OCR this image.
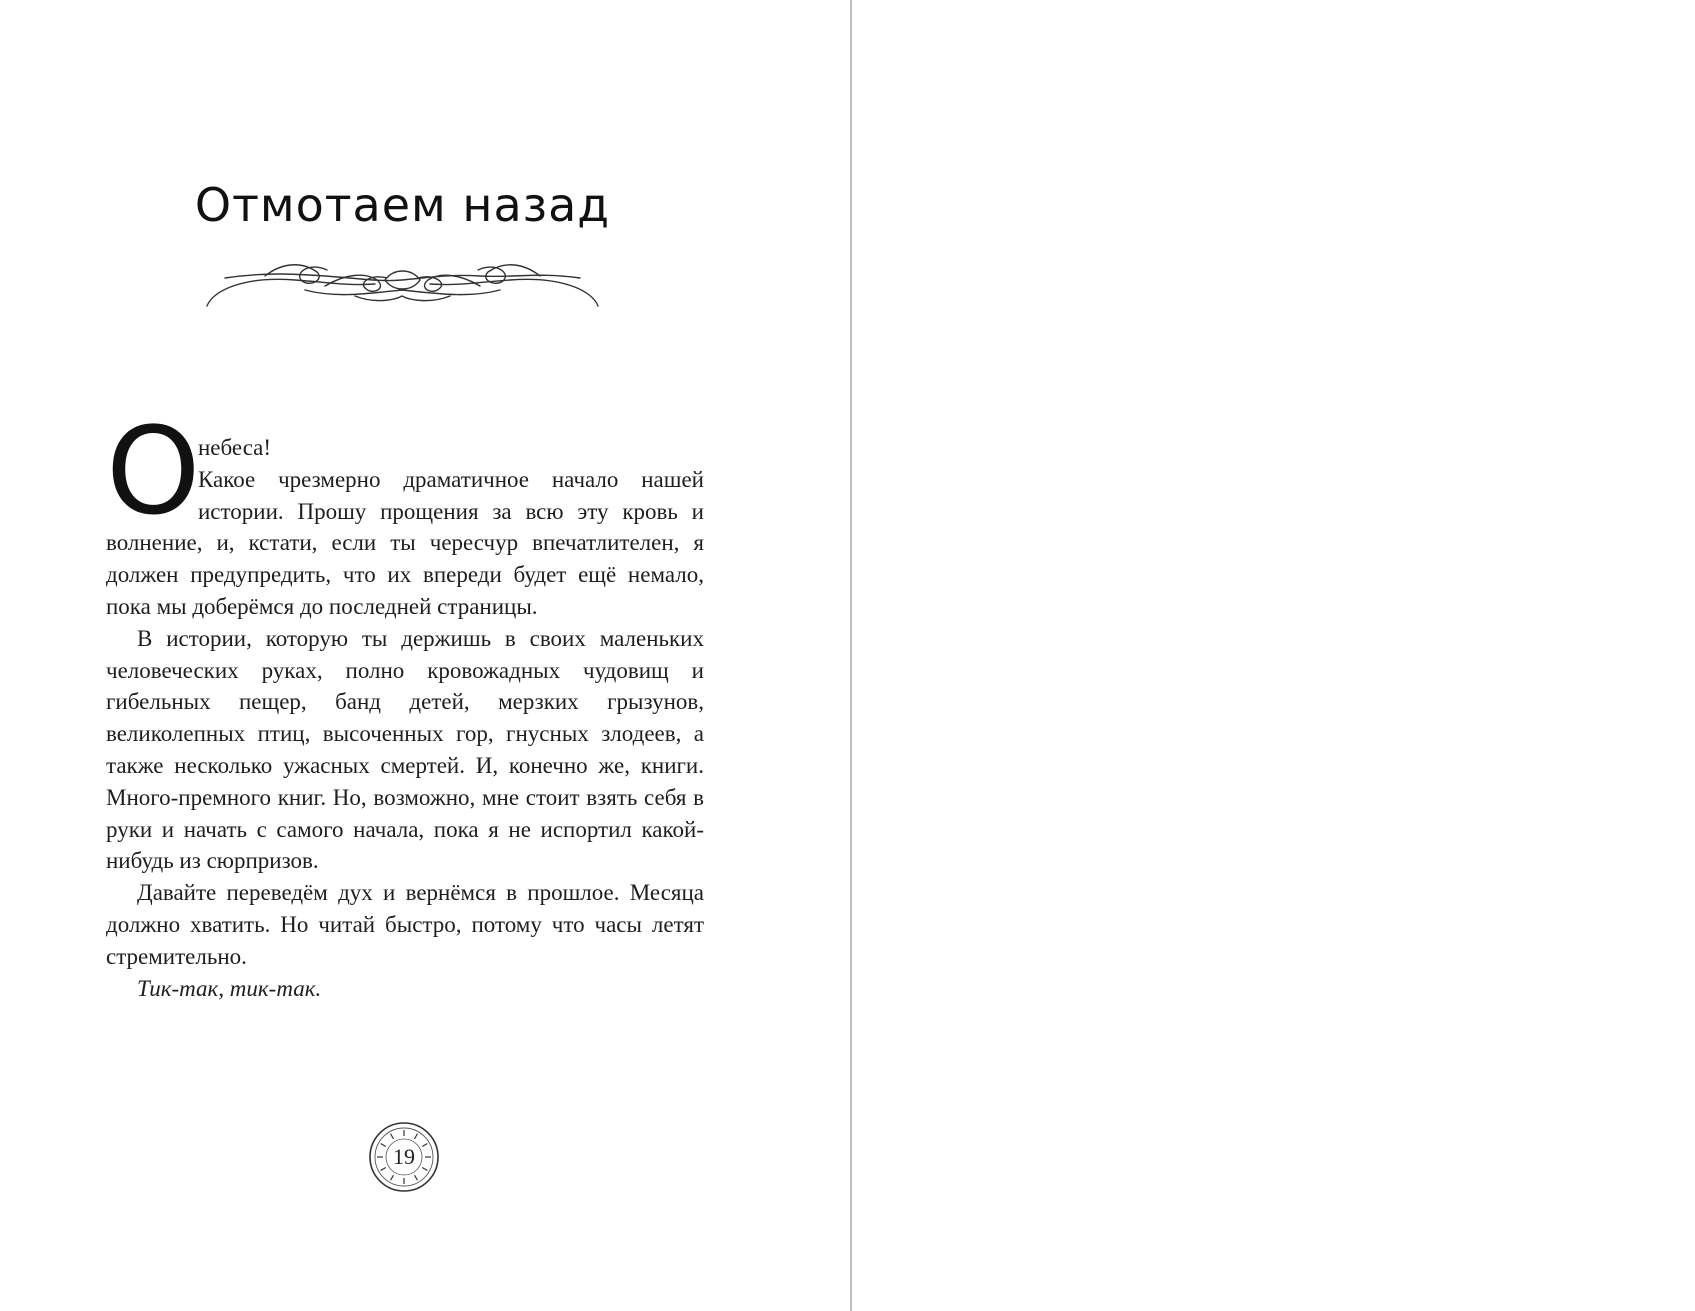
Отмотаем назад
О

небеса!

Какое чрезмерно драматичное начало нашей истории. Прошу прощения за всю эту кровь и волнение, и, кстати, если ты чересчур впечатлителен, я должен предупредить, что их впереди будет ещё немало, пока мы доберёмся до последней страницы.

В истории, которую ты держишь в своих маленьких человеческих руках, полно кровожадных чудовищ и гибельных пещер, банд детей, мерзких грызунов, великолепных птиц, высоченных гор, гнусных злодеев, а также несколько ужасных смертей. И, конечно же, книги. Много-премного книг. Но, возможно, мне стоит взять себя в руки и начать с самого начала, пока я не испортил какой-нибудь из сюрпризов.

Давайте переведём дух и вернёмся в прошлое. Месяца должно хватить. Но читай быстро, потому что часы летят стремительно.

Тик-так, тик-так.

19
